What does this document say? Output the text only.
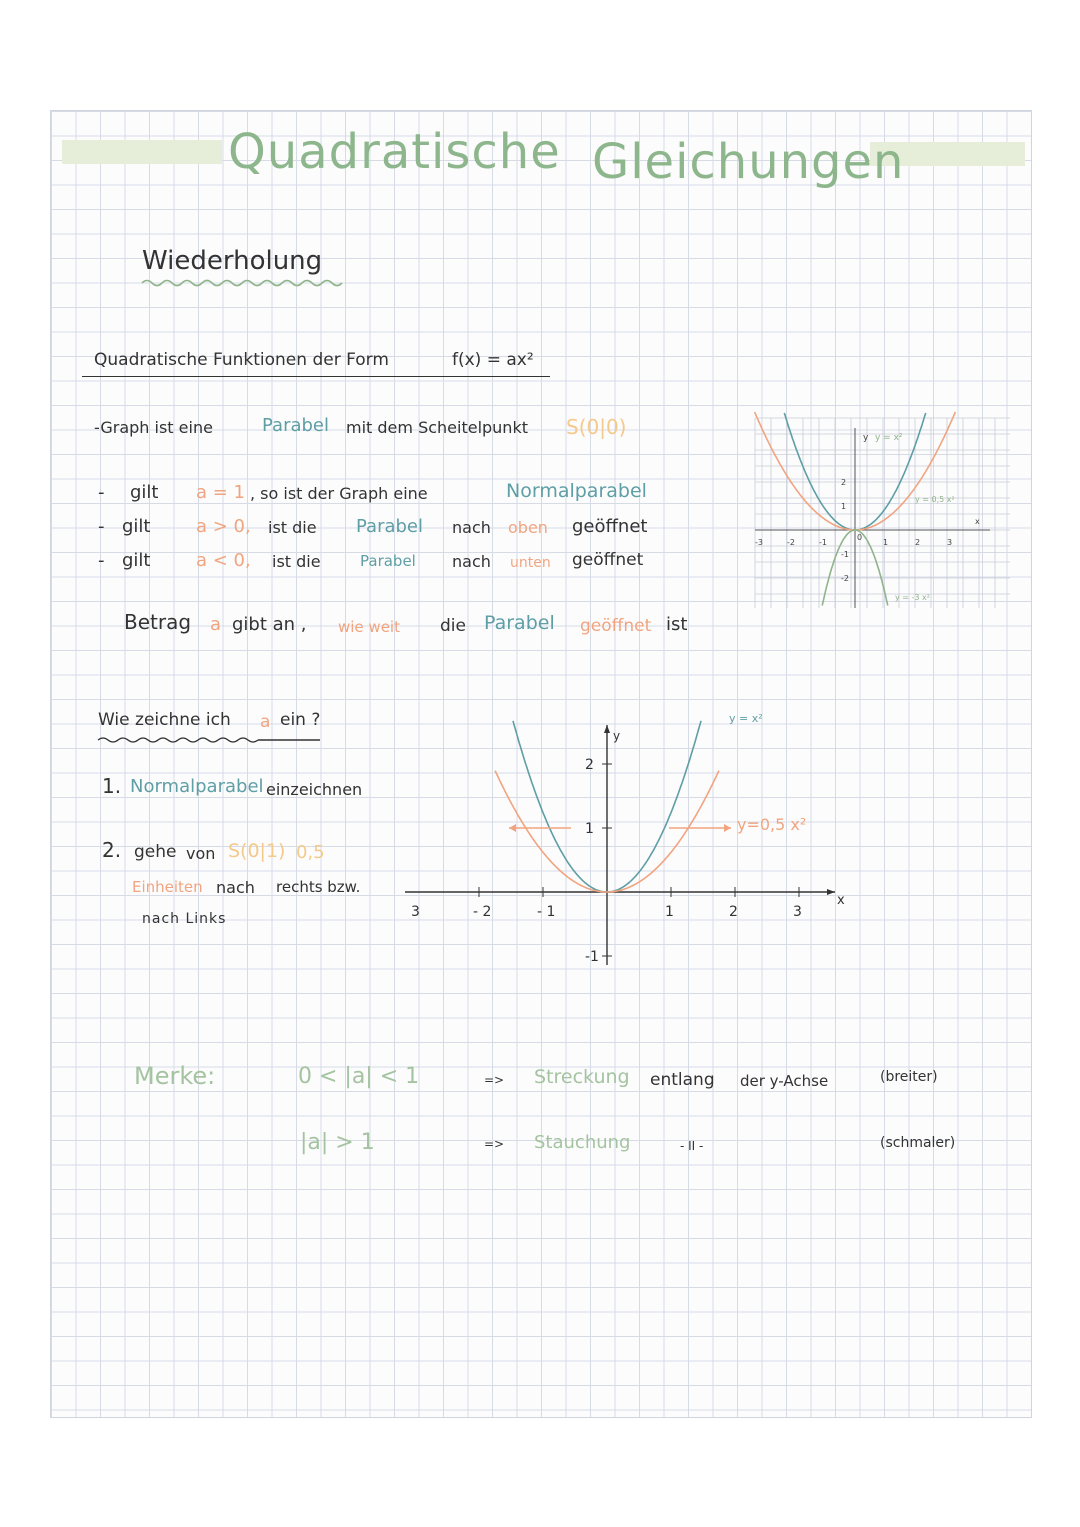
Quadratische Gleichungen
Wiederholung
Quadratische Funktionen der Form	f(x) = ax²
-Graph ist eine	Parabel mit dem Scheitelpunkt S(0|0)
- gilt a = 1 , so ist der Graph eine	Normalparabel
- gilt	a > 0, ist die Parabel nach oben geöffnet
- gilt	a < 0, ist die	Parabel nach unten geöffnet
Betrag a gibt an , wie weit die Parabel geöffnet ist
-3	-2	-1	1	2	3
2
1
-1
-2
0
x
y y = x²
y = 0,5 x²
y = -3 x²
Wie zeichne ich a ein ?
1. Normalparabel einzeichnen
2. gehe von S(0|1) 0,5
Einheiten nach rechts bzw.
nach Links	3	- 2	- 1	1	2	3
2
1
-1
x
y
y = x²
y=0,5 x²
Merke:	0 < |a| < 1	=> Streckung entlang der y-Achse	(breiter)
|a| > 1	=> Stauchung	- II -	(schmaler)
